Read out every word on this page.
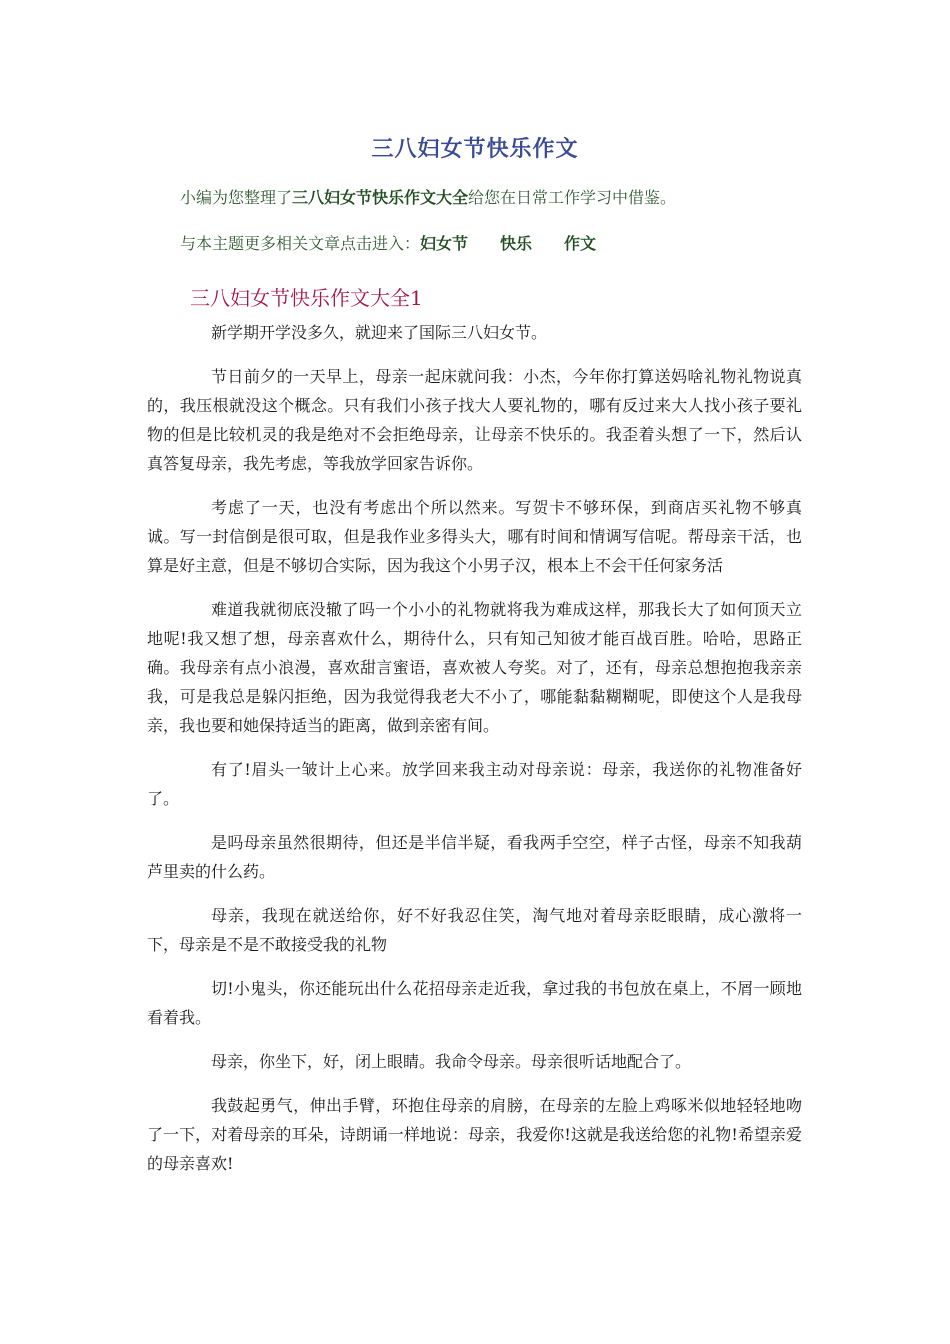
三八妇女节快乐作文
小编为您整理了三八妇女节快乐作文大全给您在日常工作学习中借鉴。
与本主题更多相关文章点击进入：妇女节 快乐 作文
三八妇女节快乐作文大全1

新学期开学没多久，就迎来了国际三八妇女节。

节日前夕的一天早上，母亲一起床就问我：小杰，今年你打算送妈啥礼物礼物说真的，我压根就没这个概念。只有我们小孩子找大人要礼物的，哪有反过来大人找小孩子要礼物的但是比较机灵的我是绝对不会拒绝母亲，让母亲不快乐的。我歪着头想了一下，然后认真答复母亲，我先考虑，等我放学回家告诉你。

考虑了一天，也没有考虑出个所以然来。写贺卡不够环保，到商店买礼物不够真诚。写一封信倒是很可取，但是我作业多得头大，哪有时间和情调写信呢。帮母亲干活，也算是好主意，但是不够切合实际，因为我这个小男子汉，根本上不会干任何家务活

难道我就彻底没辙了吗一个小小的礼物就将我为难成这样，那我长大了如何顶天立地呢!我又想了想，母亲喜欢什么，期待什么，只有知己知彼才能百战百胜。哈哈，思路正确。我母亲有点小浪漫，喜欢甜言蜜语，喜欢被人夸奖。对了，还有，母亲总想抱抱我亲亲我，可是我总是躲闪拒绝，因为我觉得我老大不小了，哪能黏黏糊糊呢，即使这个人是我母亲，我也要和她保持适当的距离，做到亲密有间。

有了!眉头一皱计上心来。放学回来我主动对母亲说：母亲，我送你的礼物准备好了。

是吗母亲虽然很期待，但还是半信半疑，看我两手空空，样子古怪，母亲不知我葫芦里卖的什么药。

母亲，我现在就送给你，好不好我忍住笑，淘气地对着母亲眨眼睛，成心激将一下，母亲是不是不敢接受我的礼物

切!小鬼头，你还能玩出什么花招母亲走近我，拿过我的书包放在桌上，不屑一顾地看着我。

母亲，你坐下，好，闭上眼睛。我命令母亲。母亲很听话地配合了。

我鼓起勇气，伸出手臂，环抱住母亲的肩膀，在母亲的左脸上鸡啄米似地轻轻地吻了一下，对着母亲的耳朵，诗朗诵一样地说：母亲，我爱你!这就是我送给您的礼物!希望亲爱的母亲喜欢!
